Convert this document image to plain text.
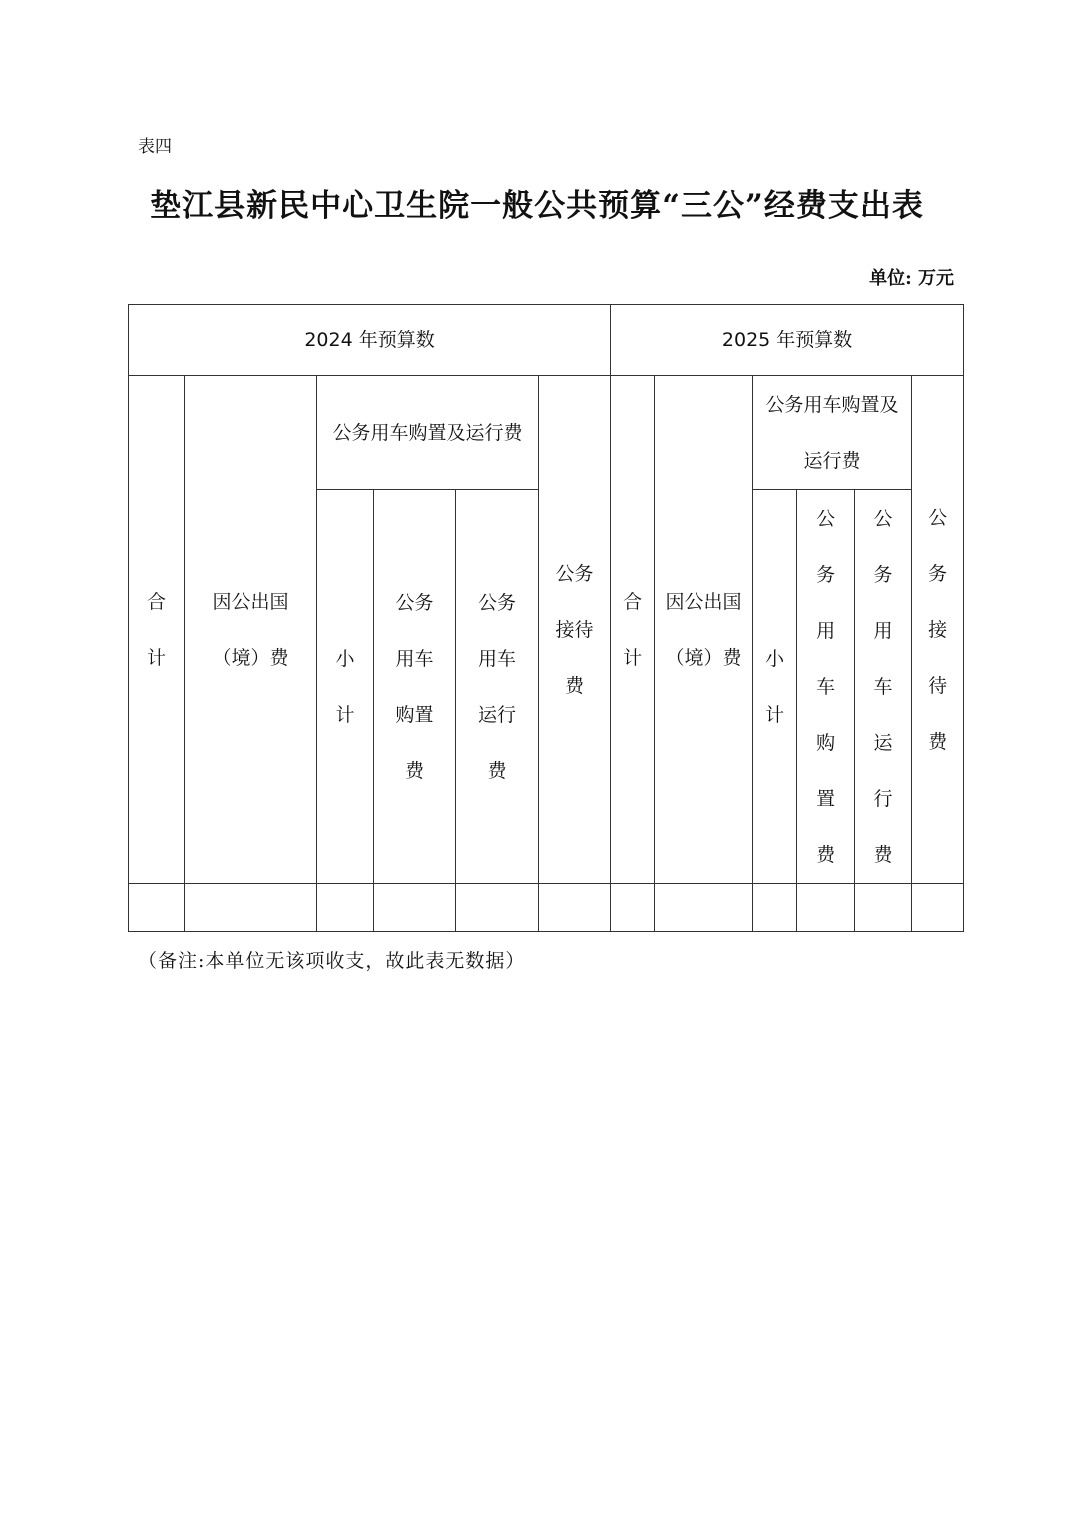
表四
垫江县新民中心卫生院一般公共预算“三公”经费支出表
单位: 万元
2024 年预算数						2025 年预算数					
合计	因公出国（境）费	公务用车购置及运行费			公务接待费	合计	因公出国（境）费	公务用车购置及运行费			公务接待费
		小计	公务用车购置费	公务用车运行费				小计	公务用车购置费	公务用车运行费	

（备注:本单位无该项收支，故此表无数据）
